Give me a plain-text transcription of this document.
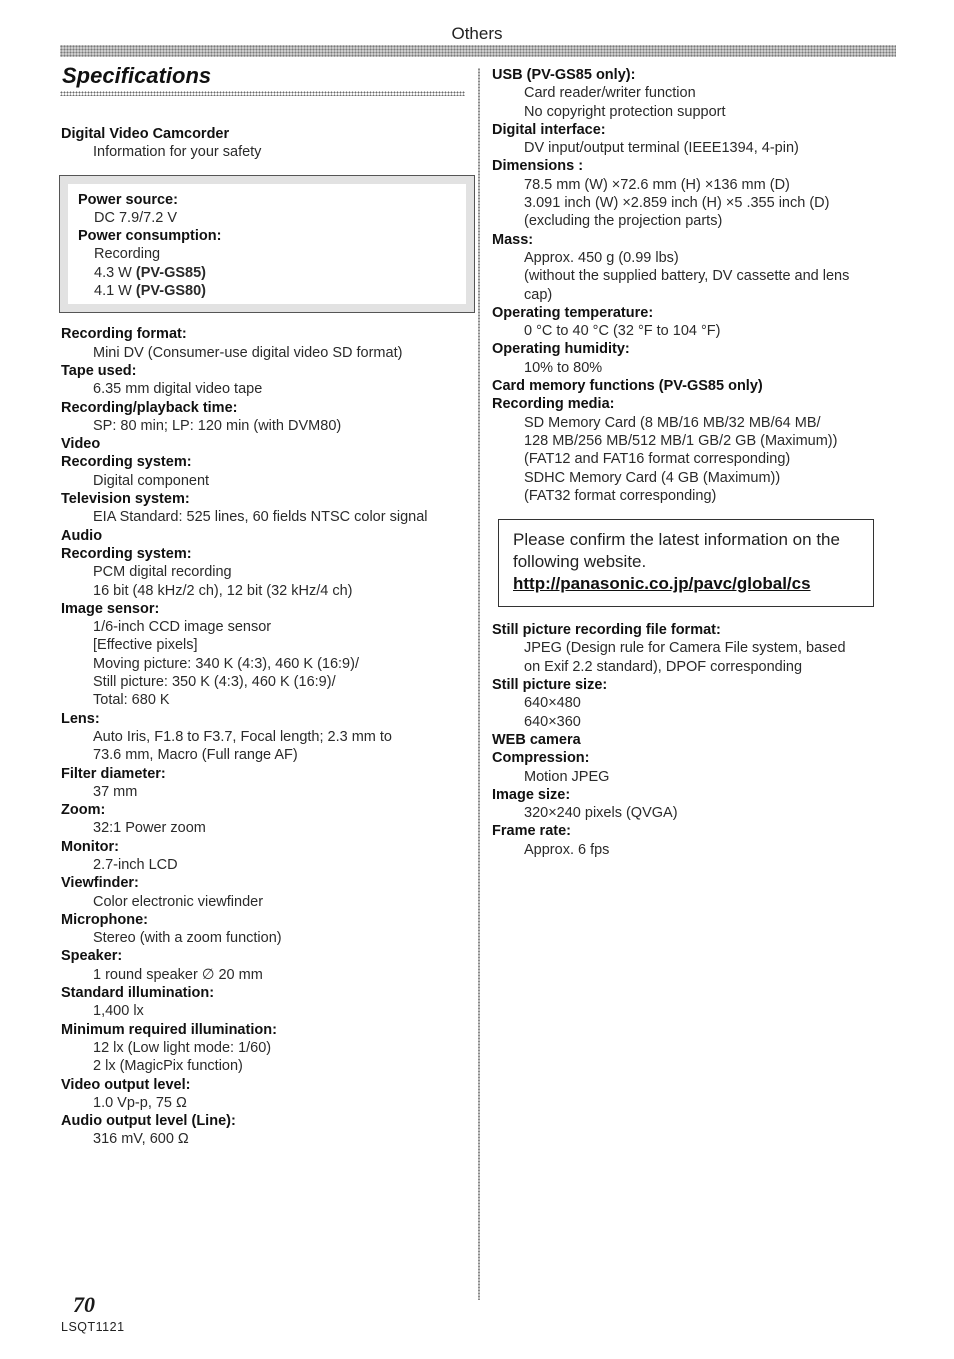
Others
Specifications
Digital Video Camcorder
Information for your safety
Power source:
DC 7.9/7.2 V
Power consumption:
Recording
4.3 W (PV-GS85)
4.1 W (PV-GS80)
Recording format:
Mini DV (Consumer-use digital video SD format)
Tape used:
6.35 mm digital video tape
Recording/playback time:
SP: 80 min; LP: 120 min (with DVM80)
Video
Recording system:
Digital component
Television system:
EIA Standard: 525 lines, 60 fields NTSC color signal
Audio
Recording system:
PCM digital recording
16 bit (48 kHz/2 ch), 12 bit (32 kHz/4 ch)
Image sensor:
1/6-inch CCD image sensor
[Effective pixels]
Moving picture: 340 K (4:3), 460 K (16:9)/
Still picture: 350 K (4:3), 460 K (16:9)/
Total: 680 K
Lens:
Auto Iris, F1.8 to F3.7, Focal length; 2.3 mm to
73.6 mm, Macro (Full range AF)
Filter diameter:
37 mm
Zoom:
32:1 Power zoom
Monitor:
2.7-inch LCD
Viewfinder:
Color electronic viewfinder
Microphone:
Stereo (with a zoom function)
Speaker:
1 round speaker ∅ 20 mm
Standard illumination:
1,400 lx
Minimum required illumination:
12 lx (Low light mode: 1/60)
2 lx (MagicPix function)
Video output level:
1.0 Vp-p, 75 Ω
Audio output level (Line):
316 mV, 600 Ω
USB (PV-GS85 only):
Card reader/writer function
No copyright protection support
Digital interface:
DV input/output terminal (IEEE1394, 4-pin)
Dimensions :
78.5 mm (W) ×72.6 mm (H) ×136 mm (D)
3.091 inch (W) ×2.859 inch (H) ×5 .355 inch (D)
(excluding the projection parts)
Mass:
Approx. 450 g (0.99 lbs)
(without the supplied battery, DV cassette and lens
cap)
Operating temperature:
0 °C to 40 °C (32 °F to 104 °F)
Operating humidity:
10% to 80%
Card memory functions (PV-GS85 only)
Recording media:
SD Memory Card (8 MB/16 MB/32 MB/64 MB/
128 MB/256 MB/512 MB/1 GB/2 GB (Maximum))
(FAT12 and FAT16 format corresponding)
SDHC Memory Card (4 GB (Maximum))
(FAT32 format corresponding)
Please confirm the latest information on the
following website.
http://panasonic.co.jp/pavc/global/cs
Still picture recording file format:
JPEG (Design rule for Camera File system, based
on Exif 2.2 standard), DPOF corresponding
Still picture size:
640×480
640×360
WEB camera
Compression:
Motion JPEG
Image size:
320×240 pixels (QVGA)
Frame rate:
Approx. 6 fps
70
LSQT1121
